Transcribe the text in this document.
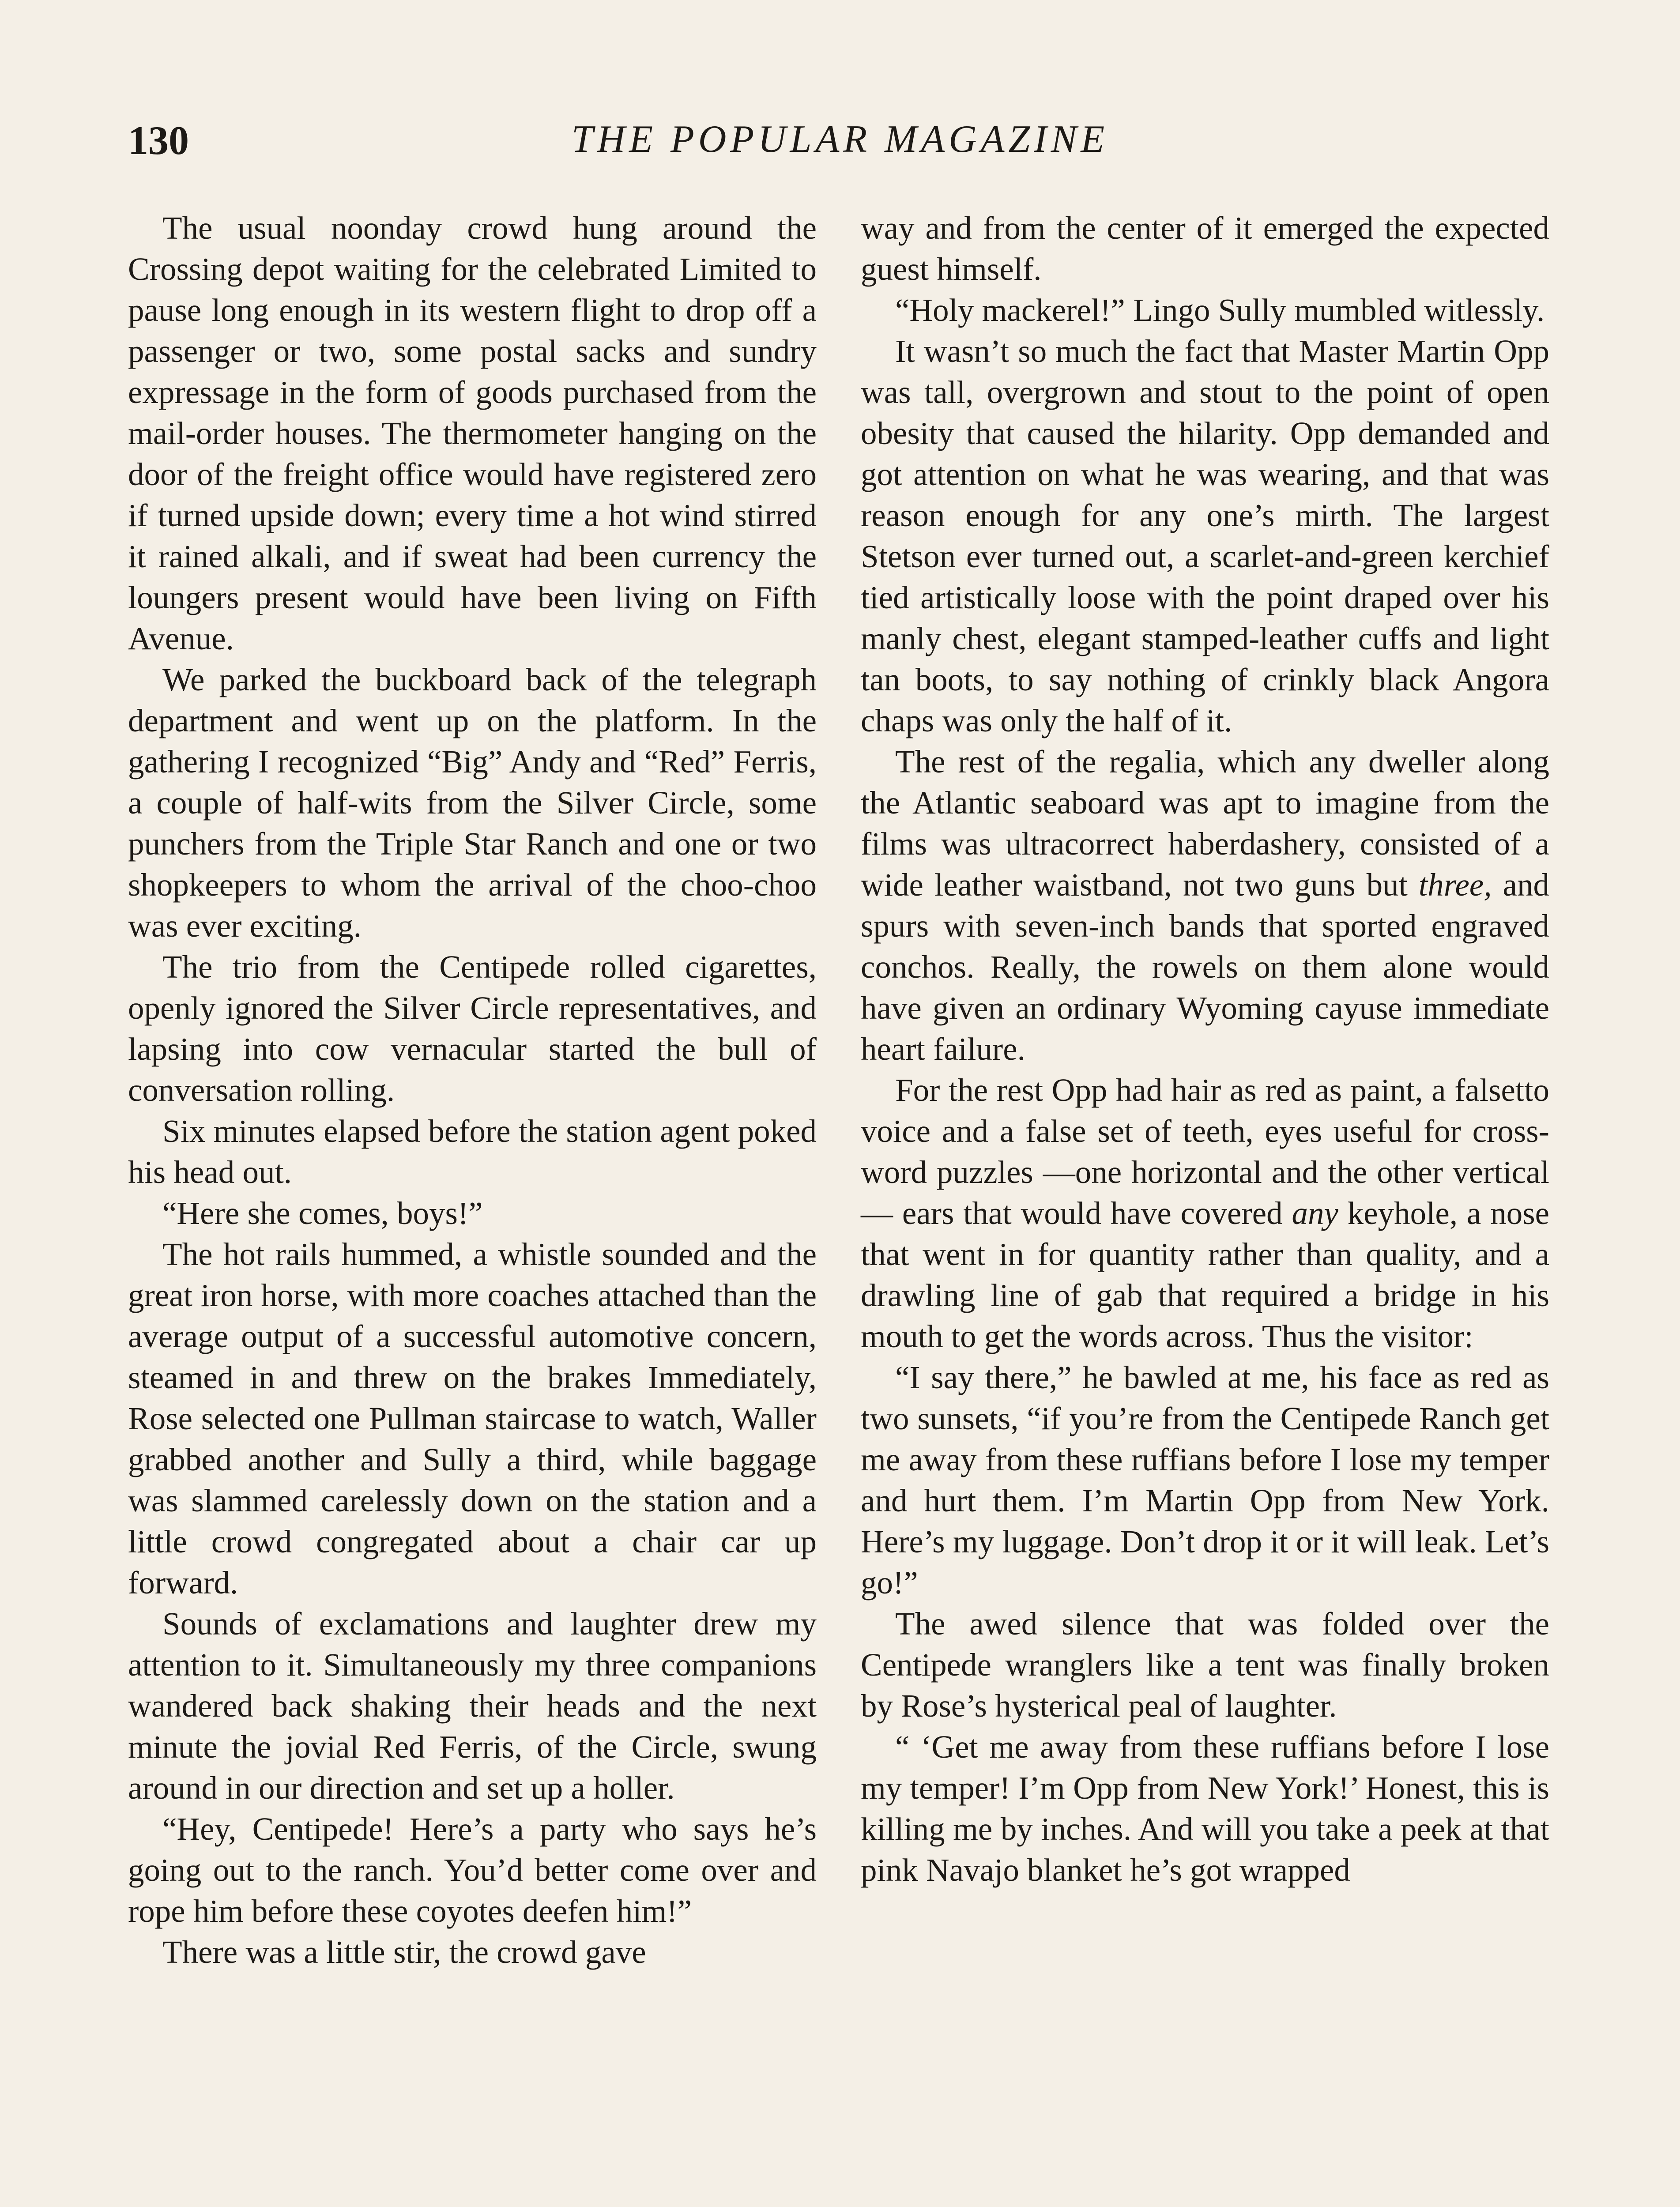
130	THE POPULAR MAGAZINE

The usual noonday crowd hung around the Crossing depot waiting for the celebrated Limited to pause long enough in its western flight to drop off a passenger or two, some postal sacks and sundry expressage in the form of goods purchased from the mail-order houses. The thermometer hanging on the door of the freight office would have registered zero if turned upside down; every time a hot wind stirred it rained alkali, and if sweat had been currency the loungers present would have been living on Fifth Avenue.

We parked the buckboard back of the telegraph department and went up on the platform. In the gathering I recognized “Big” Andy and “Red” Ferris, a couple of half-wits from the Silver Circle, some punchers from the Triple Star Ranch and one or two shopkeepers to whom the arrival of the choo-choo was ever exciting.

The trio from the Centipede rolled cigarettes, openly ignored the Silver Circle representatives, and lapsing into cow vernacular started the bull of conversation rolling.

Six minutes elapsed before the station agent poked his head out.

“Here she comes, boys!”

The hot rails hummed, a whistle sounded and the great iron horse, with more coaches attached than the average output of a successful automotive concern, steamed in and threw on the brakes Immediately, Rose selected one Pullman staircase to watch, Waller grabbed another and Sully a third, while baggage was slammed carelessly down on the station and a little crowd congregated about a chair car up forward.

Sounds of exclamations and laughter drew my attention to it. Simultaneously my three companions wandered back shaking their heads and the next minute the jovial Red Ferris, of the Circle, swung around in our direction and set up a holler.

“Hey, Centipede! Here’s a party who says he’s going out to the ranch. You’d better come over and rope him before these coyotes deefen him!”

There was a little stir, the crowd gave

way and from the center of it emerged the expected guest himself.

“Holy mackerel!” Lingo Sully mumbled witlessly.

It wasn’t so much the fact that Master Martin Opp was tall, overgrown and stout to the point of open obesity that caused the hilarity. Opp demanded and got attention on what he was wearing, and that was reason enough for any one’s mirth. The largest Stetson ever turned out, a scarlet-and-green kerchief tied artistically loose with the point draped over his manly chest, elegant stamped-leather cuffs and light tan boots, to say nothing of crinkly black Angora chaps was only the half of it.

The rest of the regalia, which any dweller along the Atlantic seaboard was apt to imagine from the films was ultracorrect haberdashery, consisted of a wide leather waistband, not two guns but three, and spurs with seven-inch bands that sported engraved conchos. Really, the rowels on them alone would have given an ordinary Wyoming cayuse immediate heart failure.

For the rest Opp had hair as red as paint, a falsetto voice and a false set of teeth, eyes useful for cross-word puzzles —one horizontal and the other vertical— ears that would have covered any keyhole, a nose that went in for quantity rather than quality, and a drawling line of gab that required a bridge in his mouth to get the words across. Thus the visitor:

“I say there,” he bawled at me, his face as red as two sunsets, “if you’re from the Centipede Ranch get me away from these ruffians before I lose my temper and hurt them. I’m Martin Opp from New York. Here’s my luggage. Don’t drop it or it will leak. Let’s go!”

The awed silence that was folded over the Centipede wranglers like a tent was finally broken by Rose’s hysterical peal of laughter.

“ ‘Get me away from these ruffians before I lose my temper! I’m Opp from New York!’ Honest, this is killing me by inches. And will you take a peek at that pink Navajo blanket he’s got wrapped
